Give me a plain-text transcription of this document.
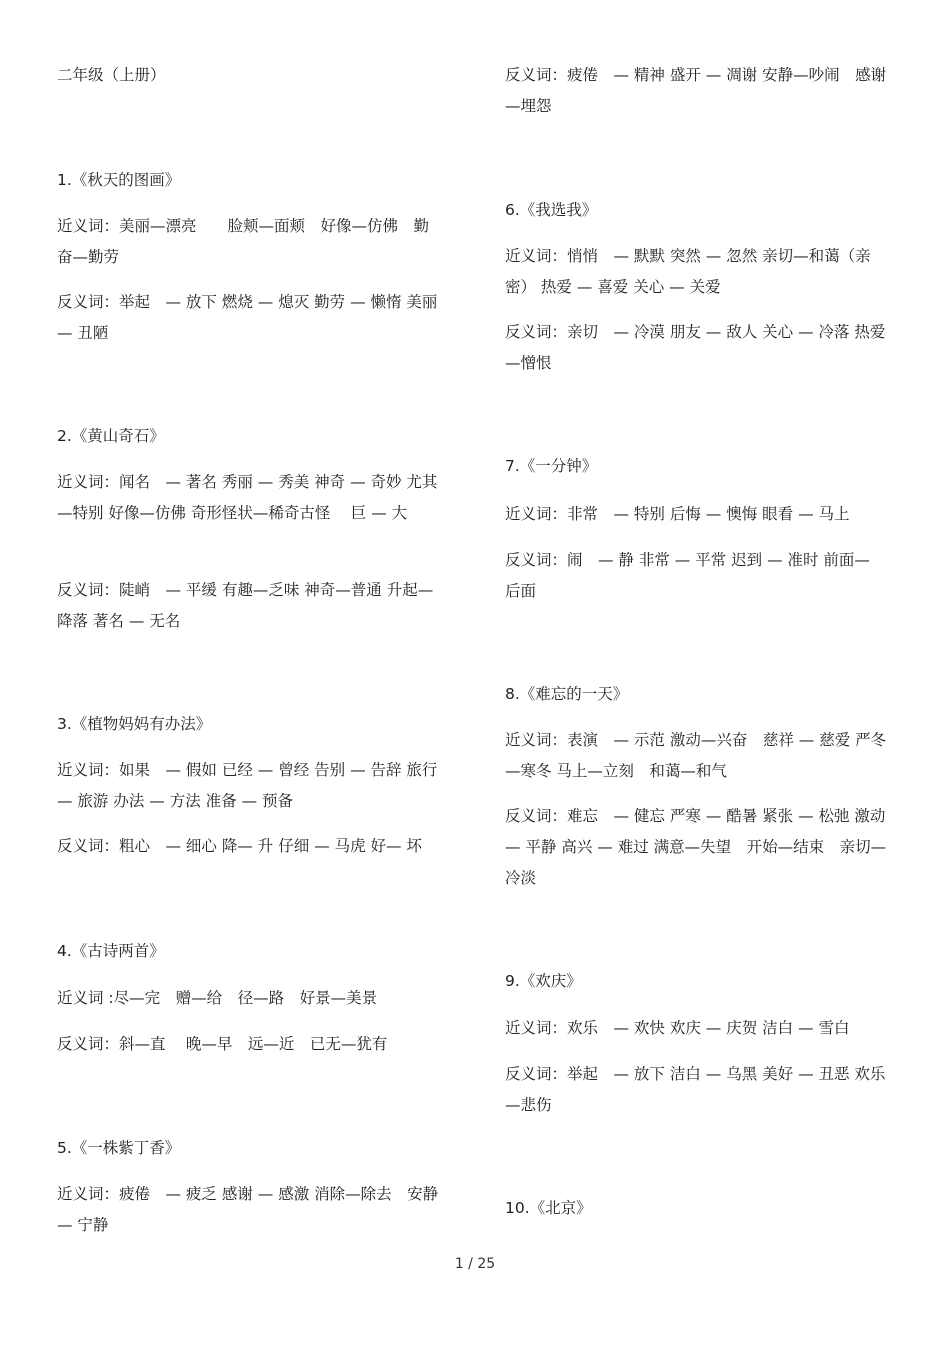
二年级（上册）
1.《秋天的图画》
近义词：美丽—漂亮　　脸颊—面颊　好像—仿佛　勤奋—勤劳
反义词：举起　— 放下 燃烧 — 熄灭 勤劳 — 懒惰 美丽— 丑陋
2.《黄山奇石》
近义词：闻名　— 著名 秀丽 — 秀美 神奇 — 奇妙 尤其—特别 好像—仿佛 奇形怪状—稀奇古怪　 巨 — 大
反义词：陡峭　— 平缓 有趣—乏味 神奇—普通 升起— 降落 著名 — 无名
3.《植物妈妈有办法》
近义词：如果　— 假如 已经 — 曾经 告别 — 告辞 旅行— 旅游 办法 — 方法 准备 — 预备
反义词：粗心　— 细心 降— 升 仔细 — 马虎 好— 坏
4.《古诗两首》
近义词 :尽—完　赠—给　径—路　好景—美景
反义词：斜—直　 晚—早　远—近　已无—犹有
5.《一株紫丁香》
近义词：疲倦　— 疲乏 感谢 — 感激 消除—除去　安静— 宁静
反义词：疲倦　— 精神 盛开 — 凋谢 安静—吵闹　感谢—埋怨
6.《我选我》
近义词：悄悄　— 默默 突然 — 忽然 亲切—和蔼（亲密） 热爱 — 喜爱 关心 — 关爱
反义词：亲切　— 冷漠 朋友 — 敌人 关心 — 冷落 热爱—憎恨
7.《一分钟》
近义词：非常　— 特别 后悔 — 懊悔 眼看 — 马上
反义词：闹　— 静 非常 — 平常 迟到 — 准时 前面— 后面
8.《难忘的一天》
近义词：表演　— 示范 激动—兴奋　慈祥 — 慈爱 严冬—寒冬 马上—立刻　和蔼—和气
反义词：难忘　— 健忘 严寒 — 酷暑 紧张 — 松弛 激动— 平静 高兴 — 难过 满意—失望　开始—结束　亲切—冷淡
9.《欢庆》
近义词：欢乐　— 欢快 欢庆 — 庆贺 洁白 — 雪白
反义词：举起　— 放下 洁白 — 乌黑 美好 — 丑恶 欢乐—悲伤
10.《北京》
1 / 25
